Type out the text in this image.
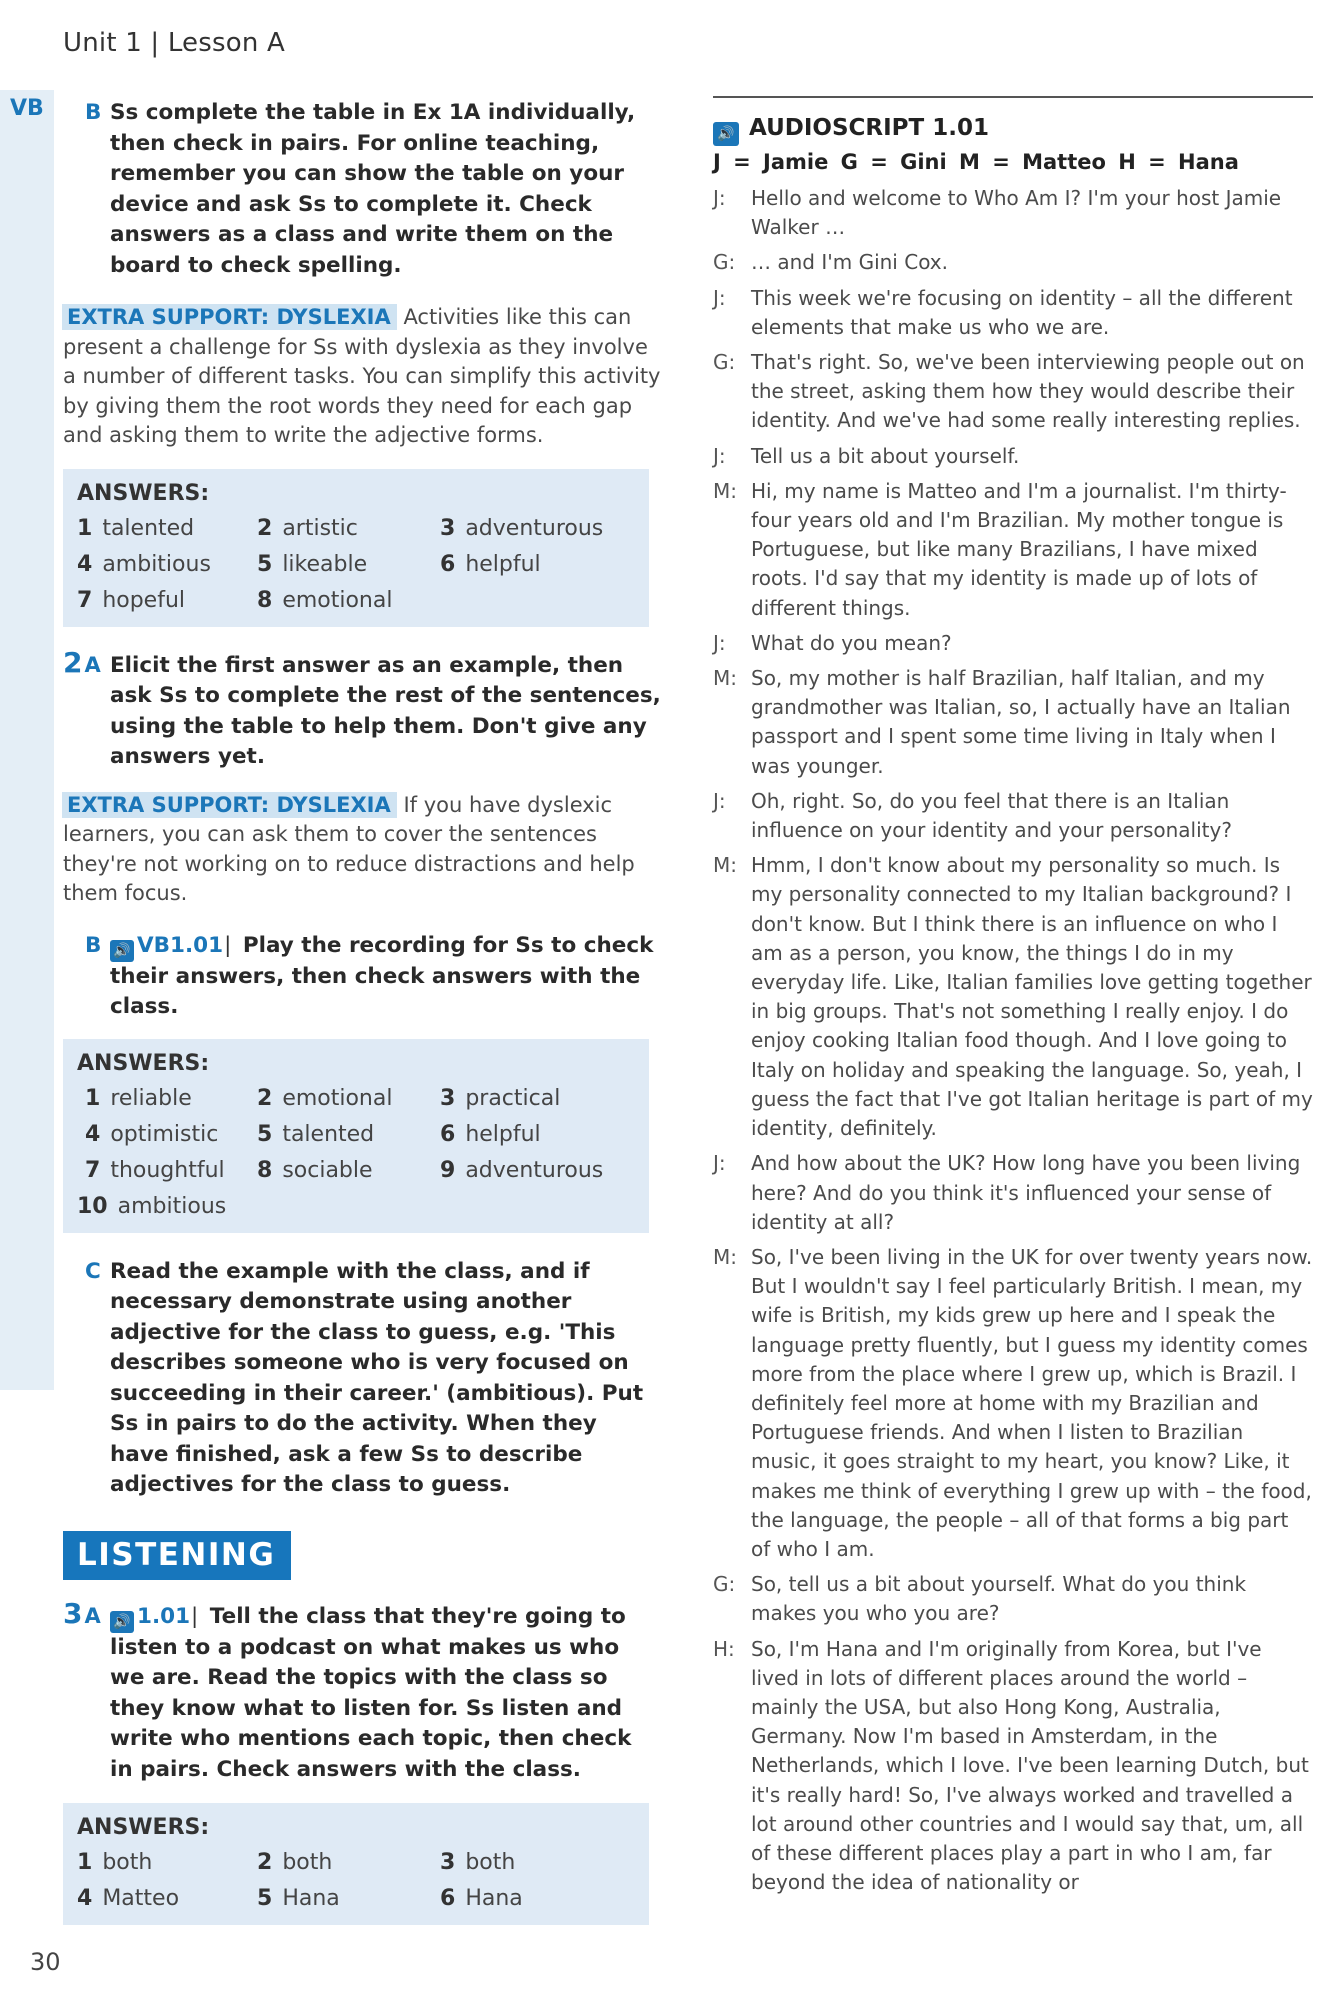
Unit 1 | Lesson A
VB B Ss complete the table in Ex 1A individually, then check in pairs. For online teaching, remember you can show the table on your device and ask Ss to complete it. Check answers as a class and write them on the board to check spelling.
EXTRA SUPPORT: DYSLEXIA Activities like this can present a challenge for Ss with dyslexia as they involve a number of different tasks. You can simplify this activity by giving them the root words they need for each gap and asking them to write the adjective forms.
ANSWERS:
1 talented	2 artistic	3 adventurous
4 ambitious	5 likeable	6 helpful
7 hopeful	8 emotional
2A Elicit the first answer as an example, then ask Ss to complete the rest of the sentences, using the table to help them. Don't give any answers yet.
EXTRA SUPPORT: DYSLEXIA If you have dyslexic learners, you can ask them to cover the sentences they're not working on to reduce distractions and help them focus.
B 🔊 VB1.01| Play the recording for Ss to check their answers, then check answers with the class.
ANSWERS:
1 reliable	2 emotional	3 practical
4 optimistic	5 talented	6 helpful
7 thoughtful	8 sociable	9 adventurous
10 ambitious
C Read the example with the class, and if necessary demonstrate using another adjective for the class to guess, e.g. 'This describes someone who is very focused on succeeding in their career.' (ambitious). Put Ss in pairs to do the activity. When they have finished, ask a few Ss to describe adjectives for the class to guess.
LISTENING
3A 🔊 1.01| Tell the class that they're going to listen to a podcast on what makes us who we are. Read the topics with the class so they know what to listen for. Ss listen and write who mentions each topic, then check in pairs. Check answers with the class.
ANSWERS:
1 both	2 both	3 both
4 Matteo	5 Hana	6 Hana
🔊 AUDIOSCRIPT 1.01
J = Jamie G = Gini M = Matteo H = Hana
J:	Hello and welcome to Who Am I? I'm your host Jamie Walker …
G: … and I'm Gini Cox.
J:	This week we're focusing on identity – all the different elements that make us who we are.
G: That's right. So, we've been interviewing people out on the street, asking them how they would describe their identity. And we've had some really interesting replies.
J:	Tell us a bit about yourself.
M: Hi, my name is Matteo and I'm a journalist. I'm thirty-four years old and I'm Brazilian. My mother tongue is Portuguese, but like many Brazilians, I have mixed roots. I'd say that my identity is made up of lots of different things.
J:	What do you mean?
M: So, my mother is half Brazilian, half Italian, and my grandmother was Italian, so, I actually have an Italian passport and I spent some time living in Italy when I was younger.
J:	Oh, right. So, do you feel that there is an Italian influence on your identity and your personality?
M: Hmm, I don't know about my personality so much. Is my personality connected to my Italian background? I don't know. But I think there is an influence on who I am as a person, you know, the things I do in my everyday life. Like, Italian families love getting together in big groups. That's not something I really enjoy. I do enjoy cooking Italian food though. And I love going to Italy on holiday and speaking the language. So, yeah, I guess the fact that I've got Italian heritage is part of my identity, definitely.
J:	And how about the UK? How long have you been living here? And do you think it's influenced your sense of identity at all?
M: So, I've been living in the UK for over twenty years now. But I wouldn't say I feel particularly British. I mean, my wife is British, my kids grew up here and I speak the language pretty fluently, but I guess my identity comes more from the place where I grew up, which is Brazil. I definitely feel more at home with my Brazilian and Portuguese friends. And when I listen to Brazilian music, it goes straight to my heart, you know? Like, it makes me think of everything I grew up with – the food, the language, the people – all of that forms a big part of who I am.
G: So, tell us a bit about yourself. What do you think makes you who you are?
H: So, I'm Hana and I'm originally from Korea, but I've lived in lots of different places around the world – mainly the USA, but also Hong Kong, Australia, Germany. Now I'm based in Amsterdam, in the Netherlands, which I love. I've been learning Dutch, but it's really hard! So, I've always worked and travelled a lot around other countries and I would say that, um, all of these different places play a part in who I am, far beyond the idea of nationality or
30
